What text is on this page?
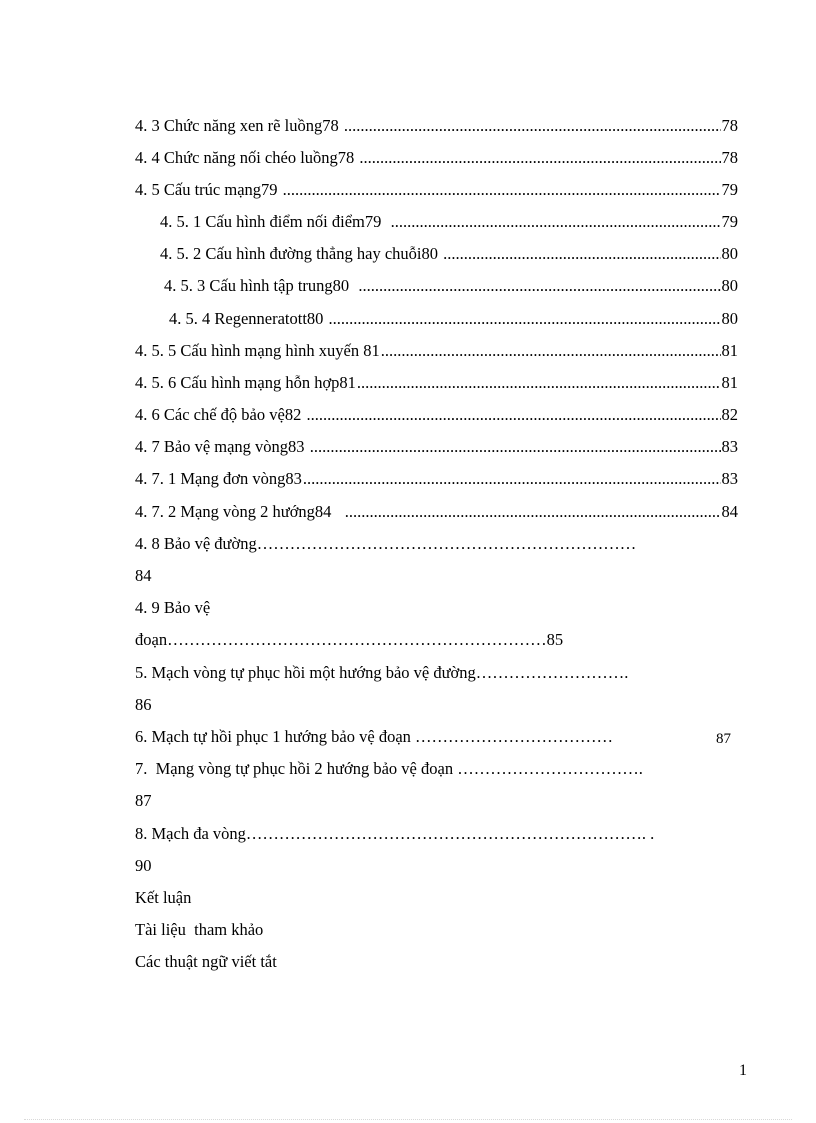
4. 3 Chức năng xen rẽ luồng78 .....	78
4. 4 Chức năng nối chéo luồng78 .....	78
4. 5 Cấu trúc mạng79 .....	79
4. 5. 1 Cấu hình điểm nối điểm79 .....	79
4. 5. 2 Cấu hình đường thẳng hay chuỗi80 .....	80
4. 5. 3 Cấu hình tập trung80 .....	80
4. 5. 4 Regenneratott80 .....	80
4. 5. 5 Cấu hình mạng hình xuyến 81 .....	81
4. 5. 6 Cấu hình mạng hỗn hợp81 .....	81
4. 6 Các chế độ bảo vệ82 .....	82
4. 7 Bảo vệ mạng vòng83 .....	83
4. 7. 1 Mạng đơn vòng83 .....	83
4. 7. 2 Mạng vòng 2 hướng84 .....	84
4. 8 Bảo vệ đường……………………………………………………………
84
4. 9 Bảo vệ
đoạn……………………………………………………………85
5. Mạch vòng tự phục hồi một hướng bảo vệ đường……………………….
86
6. Mạch tự hồi phục 1 hướng bảo vệ đoạn ………………………………	87
7.  Mạng vòng tự phục hồi 2 hướng bảo vệ đoạn …………………………….
87
8. Mạch đa vòng………………………………………………………………. .
90
Kết luận
Tài liệu  tham khảo
Các thuật ngữ viết tắt
1
